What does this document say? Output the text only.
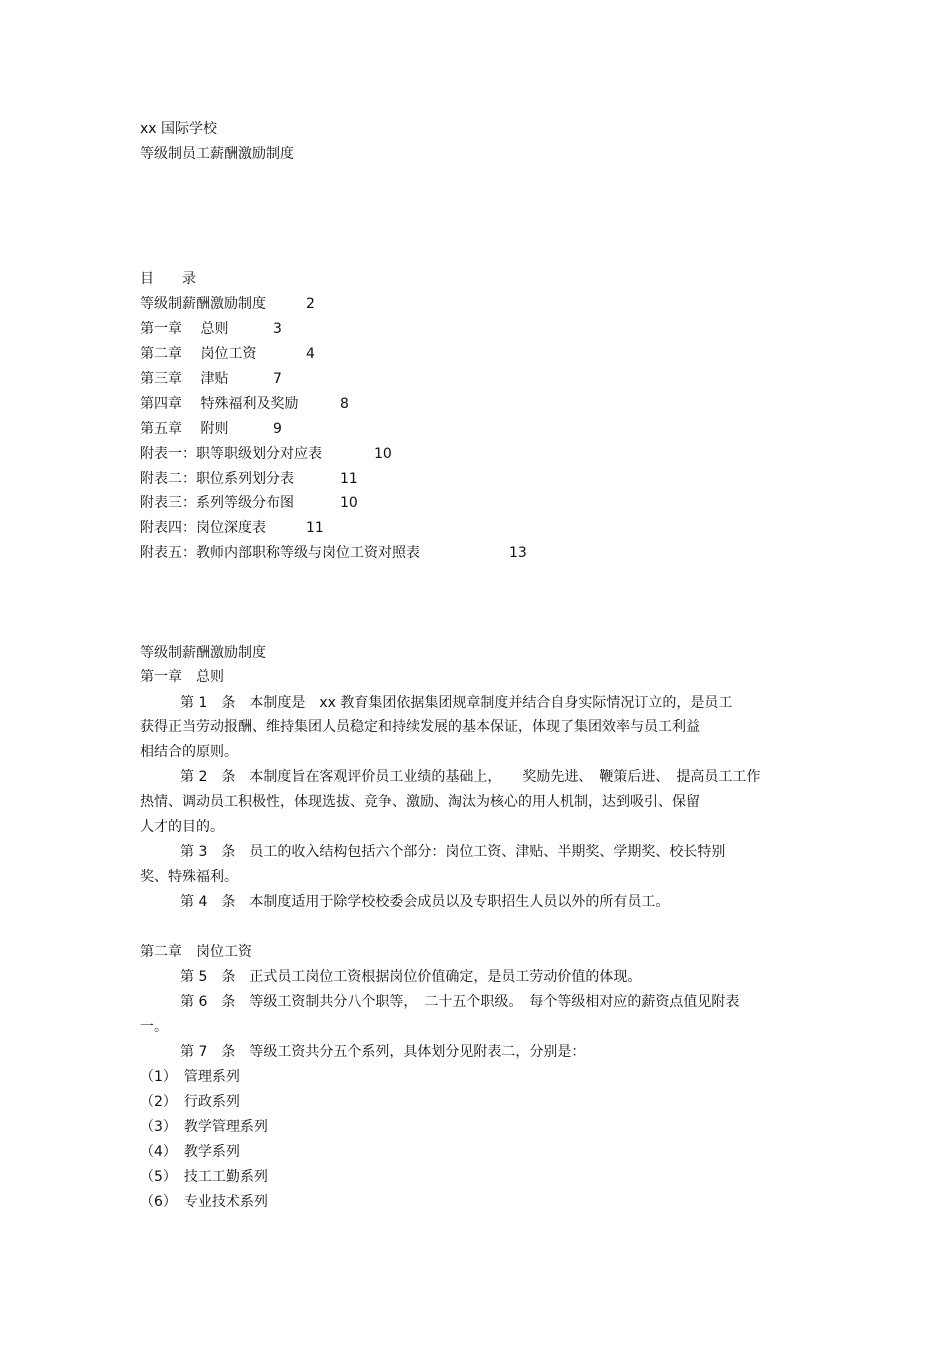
xx 国际学校
等级制员工薪酬激励制度
目　　录
等级制薪酬激励制度	2
第一章　 总则	3
第二章　 岗位工资	4
第三章　 津贴	7
第四章　 特殊福利及奖励	8
第五章　 附则	9
附表一：职等职级划分对应表	10
附表二：职位系列划分表	11
附表三：系列等级分布图	10
附表四：岗位深度表	11
附表五：教师内部职称等级与岗位工资对照表	13
等级制薪酬激励制度
第一章　总则
第 1　条　本制度是　xx 教育集团依据集团规章制度并结合自身实际情况订立的，是员工
获得正当劳动报酬、维持集团人员稳定和持续发展的基本保证，体现了集团效率与员工利益
相结合的原则。
第 2　条　本制度旨在客观评价员工业绩的基础上，　　奖励先进、　鞭策后进、　提高员工工作
热情、调动员工积极性，体现选拔、竞争、激励、淘汰为核心的用人机制，达到吸引、保留
人才的目的。
第 3　条　员工的收入结构包括六个部分：岗位工资、津贴、半期奖、学期奖、校长特别
奖、特殊福利。
第 4　条　本制度适用于除学校校委会成员以及专职招生人员以外的所有员工。
第二章　岗位工资
第 5　条　正式员工岗位工资根据岗位价值确定，是员工劳动价值的体现。
第 6　条　等级工资制共分八个职等，　二十五个职级。　每个等级相对应的薪资点值见附表
一。
第 7　条　等级工资共分五个系列，具体划分见附表二，分别是：
（1）　管理系列
（2）　行政系列
（3）　教学管理系列
（4）　教学系列
（5）　技工工勤系列
（6）　专业技术系列
